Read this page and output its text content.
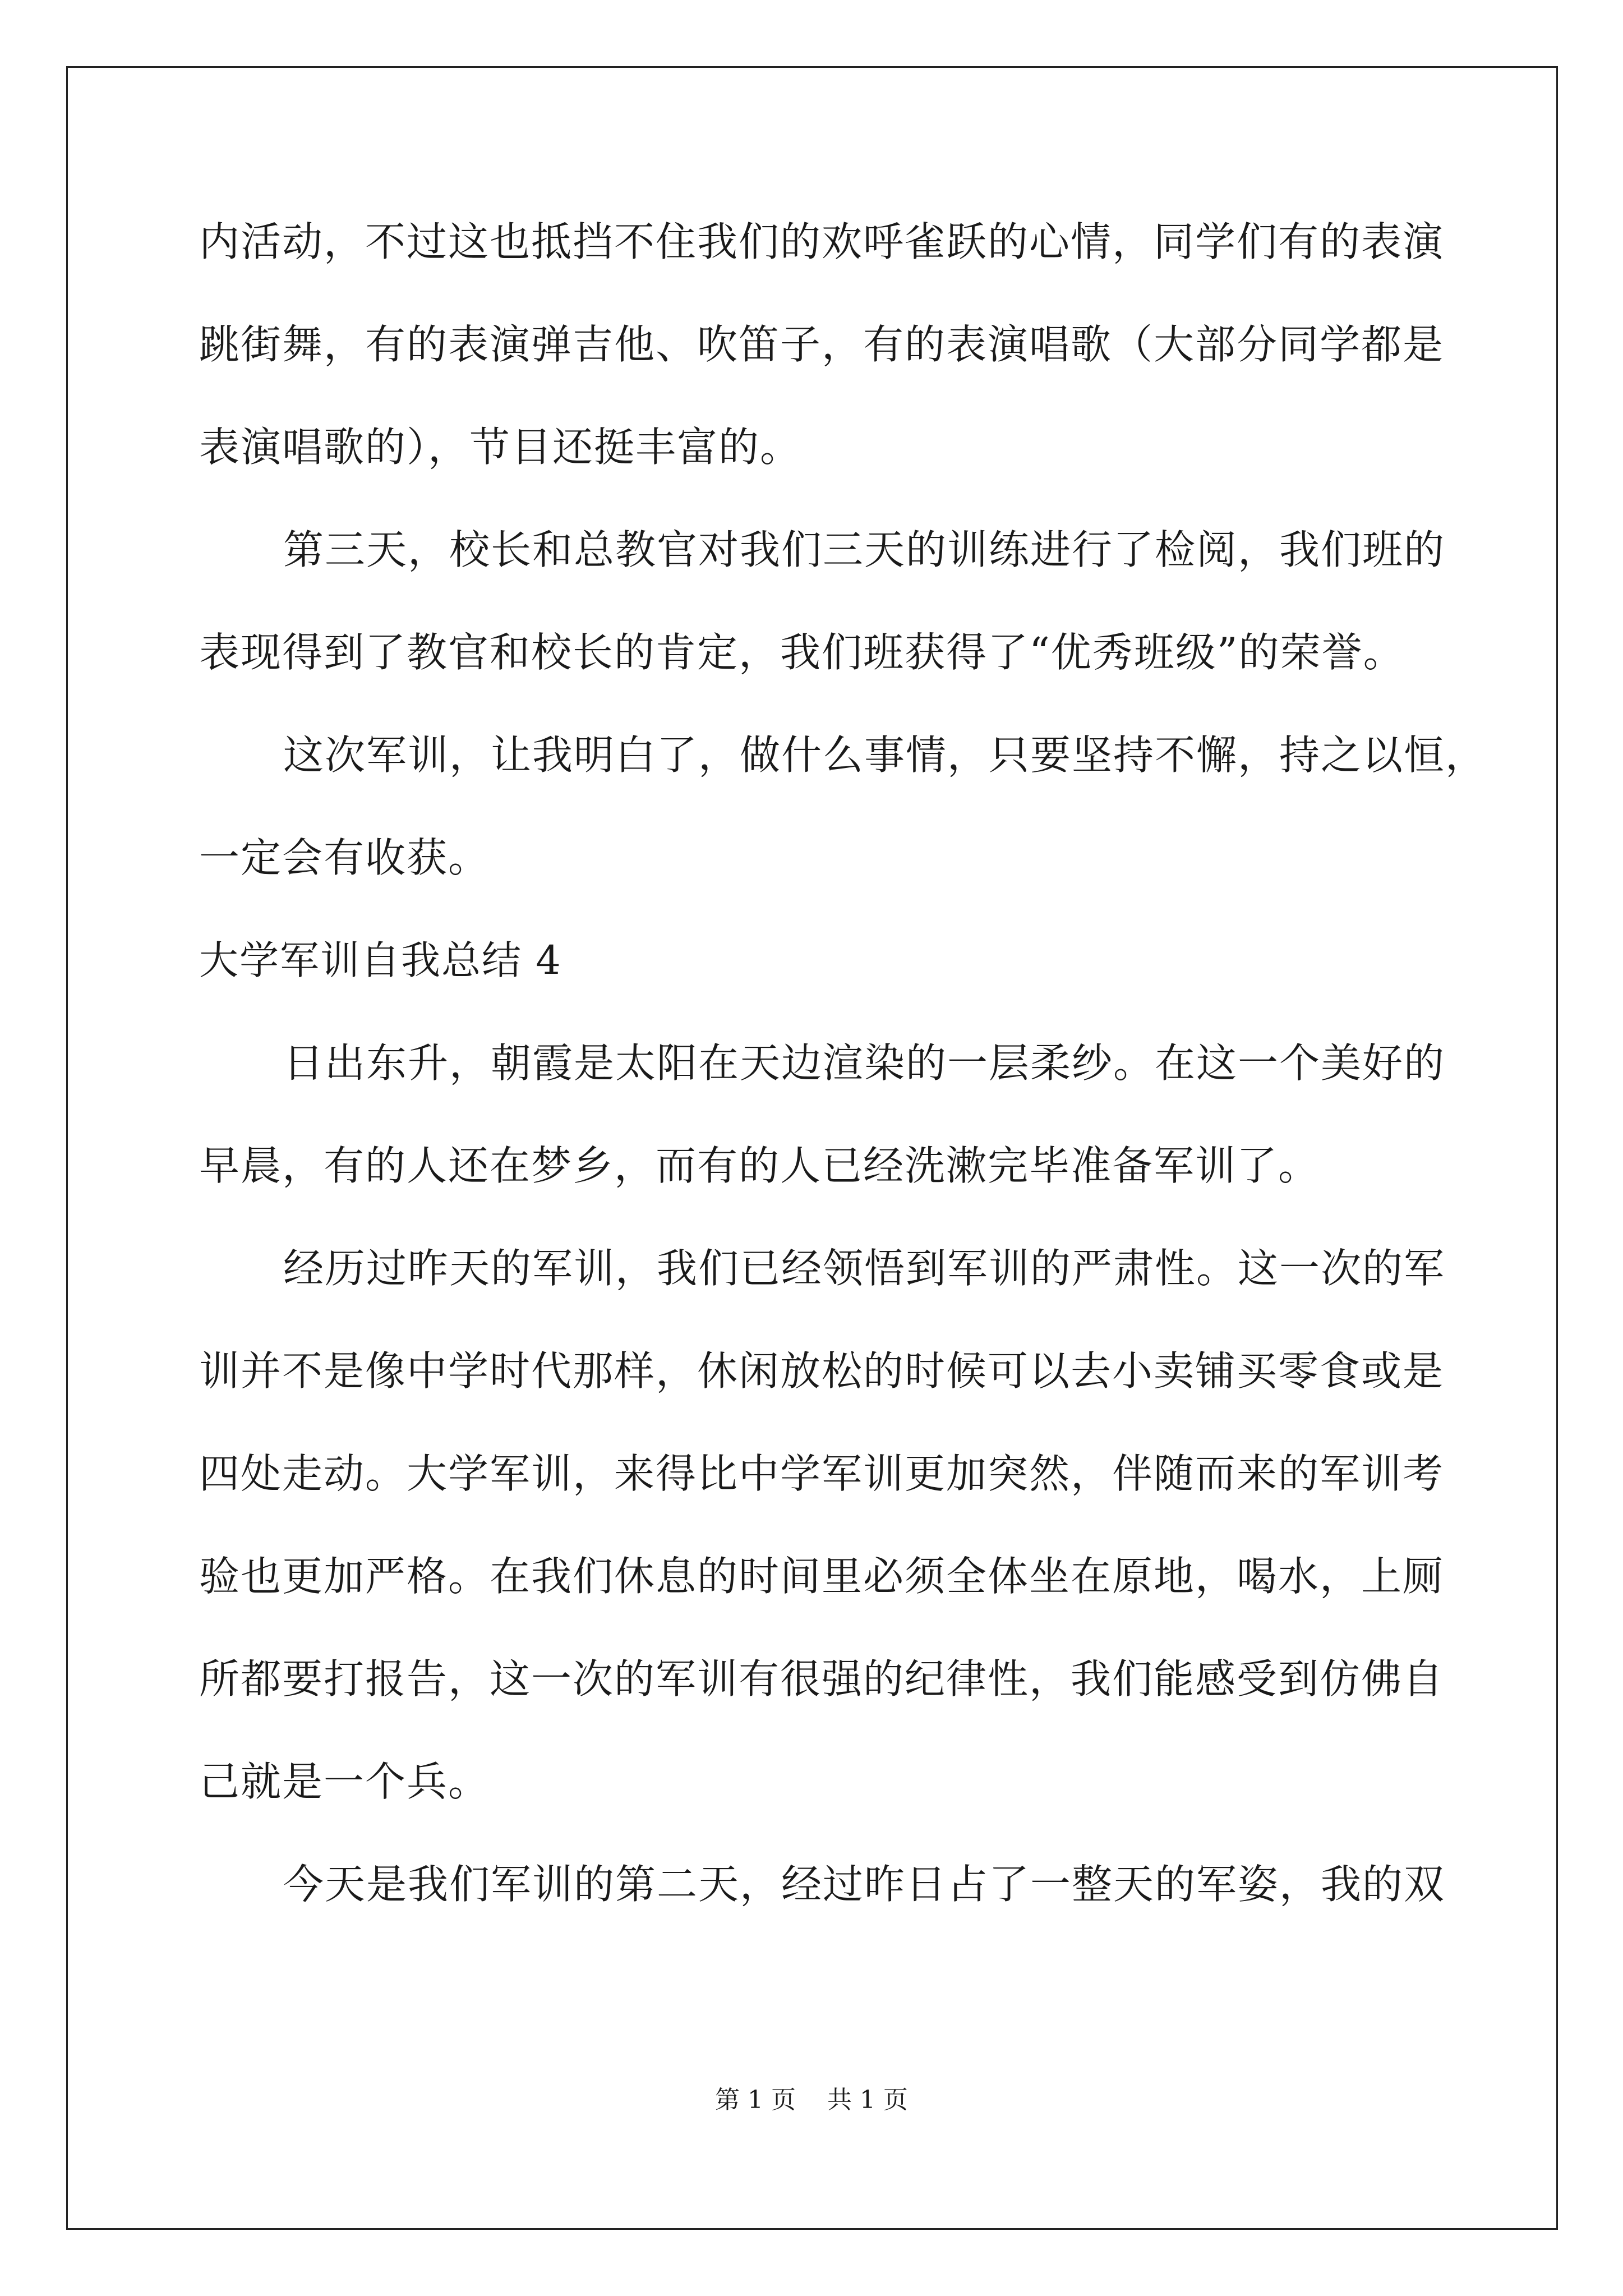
内活动，不过这也抵挡不住我们的欢呼雀跃的心情，同学们有的表演
跳街舞，有的表演弹吉他、吹笛子，有的表演唱歌（大部分同学都是
表演唱歌的），节目还挺丰富的。
第三天，校长和总教官对我们三天的训练进行了检阅，我们班的
表现得到了教官和校长的肯定，我们班获得了“优秀班级”的荣誉。
这次军训，让我明白了，做什么事情，只要坚持不懈，持之以恒，
一定会有收获。
大学军训自我总结 4
日出东升，朝霞是太阳在天边渲染的一层柔纱。在这一个美好的
早晨，有的人还在梦乡，而有的人已经洗漱完毕准备军训了。
经历过昨天的军训，我们已经领悟到军训的严肃性。这一次的军
训并不是像中学时代那样，休闲放松的时候可以去小卖铺买零食或是
四处走动。大学军训，来得比中学军训更加突然，伴随而来的军训考
验也更加严格。在我们休息的时间里必须全体坐在原地，喝水，上厕
所都要打报告，这一次的军训有很强的纪律性，我们能感受到仿佛自
己就是一个兵。
今天是我们军训的第二天，经过昨日占了一整天的军姿，我的双
第 1 页    共 1 页
